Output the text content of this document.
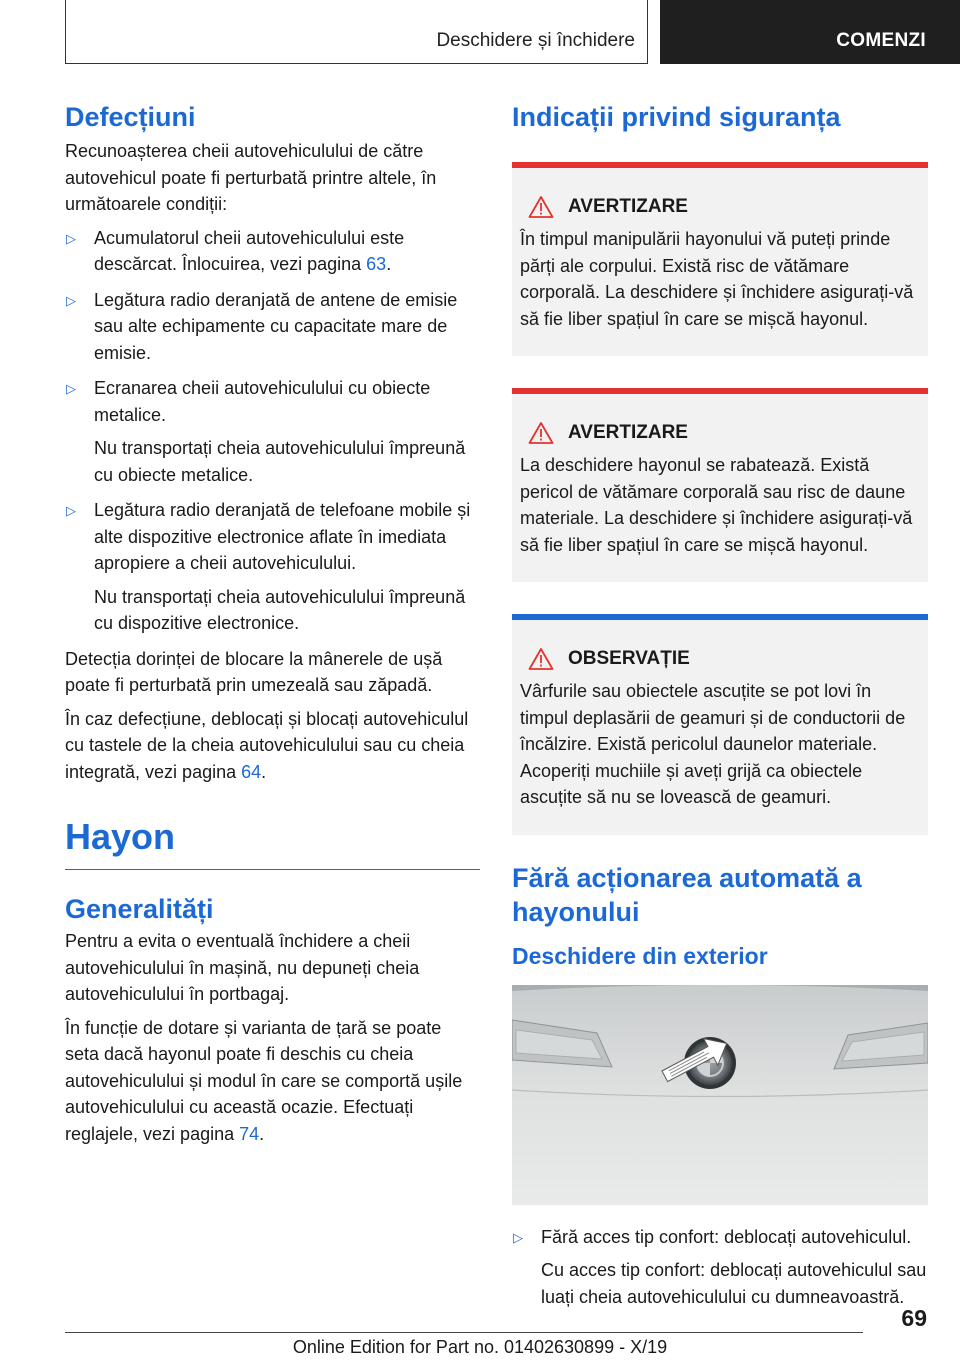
Deschidere și închidere	COMENZI
Defecțiuni

Recunoașterea cheii autovehiculului de către autovehicul poate fi perturbată printre altele, în următoarele condiții:

▷ Acumulatorul cheii autovehiculului este descărcat. Înlocuirea, vezi pagina 63.
▷ Legătura radio deranjată de antene de emisie sau alte echipamente cu capacitate mare de emisie.
▷ Ecranarea cheii autovehiculului cu obiecte metalice.
Nu transportați cheia autovehiculului împreună cu obiecte metalice.
▷ Legătura radio deranjată de telefoane mobile și alte dispozitive electronice aflate în imediata apropiere a cheii autovehiculului.
Nu transportați cheia autovehiculului împreună cu dispozitive electronice.

Detecția dorinței de blocare la mânerele de ușă poate fi perturbată prin umezeală sau zăpadă.

În caz defecțiune, deblocați și blocați autovehiculul cu tastele de la cheia autovehiculului sau cu cheia integrată, vezi pagina 64.

Hayon
Generalități

Pentru a evita o eventuală închidere a cheii autovehiculului în mașină, nu depuneți cheia autovehiculului în portbagaj.

În funcție de dotare și varianta de țară se poate seta dacă hayonul poate fi deschis cu cheia autovehiculului și modul în care se comportă ușile autovehiculului cu această ocazie. Efectuați reglajele, vezi pagina 74.

Indicații privind siguranța
AVERTIZARE

În timpul manipulării hayonului vă puteți prinde părți ale corpului. Există risc de vătămare corporală. La deschidere și închidere asigurați-vă să fie liber spațiul în care se mișcă hayonul.

AVERTIZARE

La deschidere hayonul se rabatează. Există pericol de vătămare corporală sau risc de daune materiale. La deschidere și închidere asigurați-vă să fie liber spațiul în care se mișcă hayonul.

OBSERVAȚIE

Vârfurile sau obiectele ascuțite se pot lovi în timpul deplasării de geamuri și de conductorii de încălzire. Există pericolul daunelor materiale. Acoperiți muchiile și aveți grijă ca obiectele ascuțite să nu se lovească de geamuri.

Fără acționarea automată a hayonului
Deschidere din exterior
▷ Fără acces tip confort: deblocați autovehiculul.
Cu acces tip confort: deblocați autovehiculul sau luați cheia autovehiculului cu dumneavoastră.
69
Online Edition for Part no. 01402630899 - X/19
